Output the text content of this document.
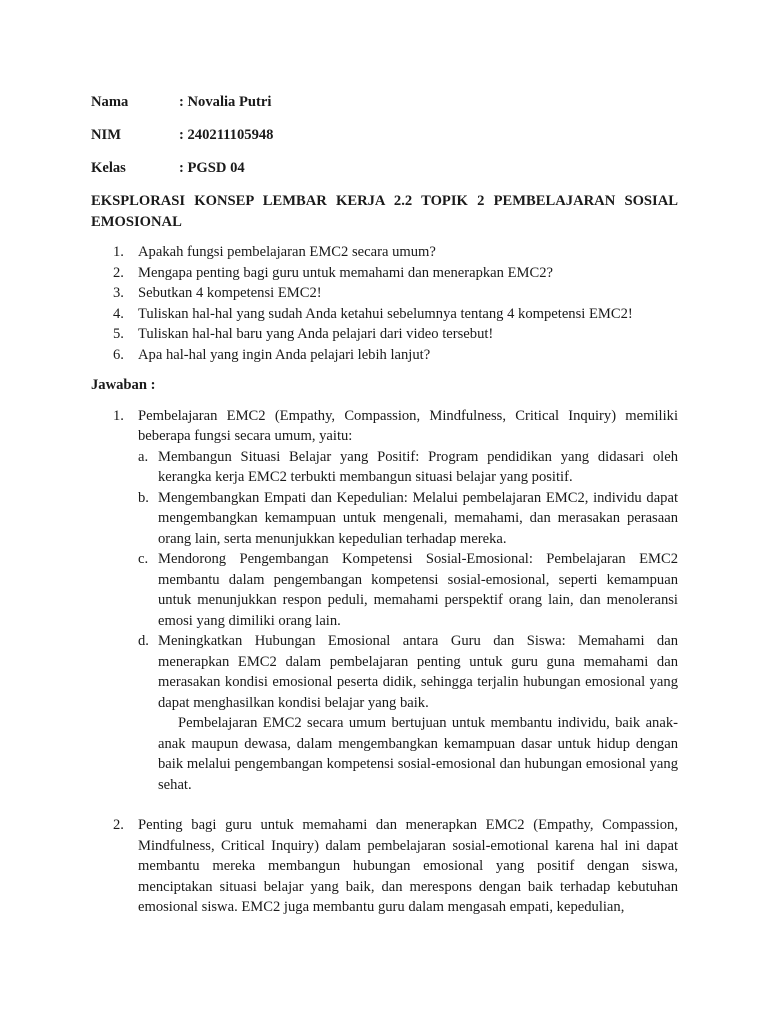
Nama	: Novalia Putri
NIM	: 240211105948
Kelas	: PGSD 04
EKSPLORASI KONSEP LEMBAR KERJA 2.2 TOPIK 2 PEMBELAJARAN SOSIAL EMOSIONAL
1. Apakah fungsi pembelajaran EMC2 secara umum?
2. Mengapa penting bagi guru untuk memahami dan menerapkan EMC2?
3. Sebutkan 4 kompetensi EMC2!
4. Tuliskan hal-hal yang sudah Anda ketahui sebelumnya tentang 4 kompetensi EMC2!
5. Tuliskan hal-hal baru yang Anda pelajari dari video tersebut!
6. Apa hal-hal yang ingin Anda pelajari lebih lanjut?
Jawaban :
1. Pembelajaran EMC2 (Empathy, Compassion, Mindfulness, Critical Inquiry) memiliki beberapa fungsi secara umum, yaitu:
a. Membangun Situasi Belajar yang Positif: Program pendidikan yang didasari oleh kerangka kerja EMC2 terbukti membangun situasi belajar yang positif.
b. Mengembangkan Empati dan Kepedulian: Melalui pembelajaran EMC2, individu dapat mengembangkan kemampuan untuk mengenali, memahami, dan merasakan perasaan orang lain, serta menunjukkan kepedulian terhadap mereka.
c. Mendorong Pengembangan Kompetensi Sosial-Emosional: Pembelajaran EMC2 membantu dalam pengembangan kompetensi sosial-emosional, seperti kemampuan untuk menunjukkan respon peduli, memahami perspektif orang lain, dan menoleransi emosi yang dimiliki orang lain.
d. Meningkatkan Hubungan Emosional antara Guru dan Siswa: Memahami dan menerapkan EMC2 dalam pembelajaran penting untuk guru guna memahami dan merasakan kondisi emosional peserta didik, sehingga terjalin hubungan emosional yang dapat menghasilkan kondisi belajar yang baik.
Pembelajaran EMC2 secara umum bertujuan untuk membantu individu, baik anak-anak maupun dewasa, dalam mengembangkan kemampuan dasar untuk hidup dengan baik melalui pengembangan kompetensi sosial-emosional dan hubungan emosional yang sehat.
2. Penting bagi guru untuk memahami dan menerapkan EMC2 (Empathy, Compassion, Mindfulness, Critical Inquiry) dalam pembelajaran sosial-emotional karena hal ini dapat membantu mereka membangun hubungan emosional yang positif dengan siswa, menciptakan situasi belajar yang baik, dan merespons dengan baik terhadap kebutuhan emosional siswa. EMC2 juga membantu guru dalam mengasah empati, kepedulian,
